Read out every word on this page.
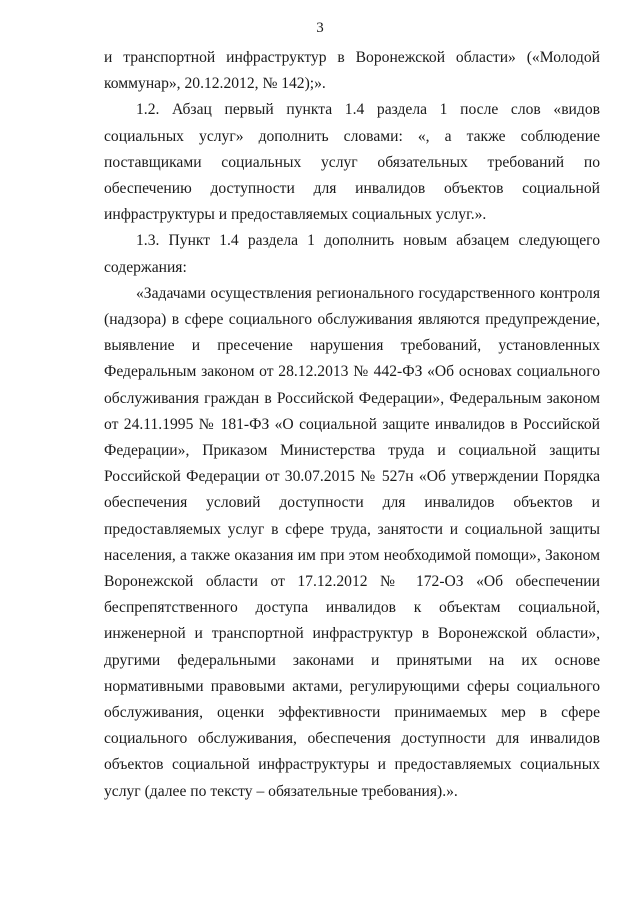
3

и транспортной инфраструктур в Воронежской области» («Молодой коммунар», 20.12.2012, № 142);».

1.2. Абзац первый пункта 1.4 раздела 1 после слов «видов социальных услуг» дополнить словами: «, а также соблюдение поставщиками социальных услуг обязательных требований по обеспечению доступности для инвалидов объектов социальной инфраструктуры и предоставляемых социальных услуг.».

1.3. Пункт 1.4 раздела 1 дополнить новым абзацем следующего содержания:

«Задачами осуществления регионального государственного контроля (надзора) в сфере социального обслуживания являются предупреждение, выявление и пресечение нарушения требований, установленных Федеральным законом от 28.12.2013 № 442-ФЗ «Об основах социального обслуживания граждан в Российской Федерации», Федеральным законом от 24.11.1995 № 181-ФЗ «О социальной защите инвалидов в Российской Федерации», Приказом Министерства труда и социальной защиты Российской Федерации от 30.07.2015 № 527н «Об утверждении Порядка обеспечения условий доступности для инвалидов объектов и предоставляемых услуг в сфере труда, занятости и социальной защиты населения, а также оказания им при этом необходимой помощи», Законом Воронежской области от 17.12.2012 № 172-ОЗ «Об обеспечении беспрепятственного доступа инвалидов к объектам социальной, инженерной и транспортной инфраструктур в Воронежской области», другими федеральными законами и принятыми на их основе нормативными правовыми актами, регулирующими сферы социального обслуживания, оценки эффективности принимаемых мер в сфере социального обслуживания, обеспечения доступности для инвалидов объектов социальной инфраструктуры и предоставляемых социальных услуг (далее по тексту – обязательные требования).».
